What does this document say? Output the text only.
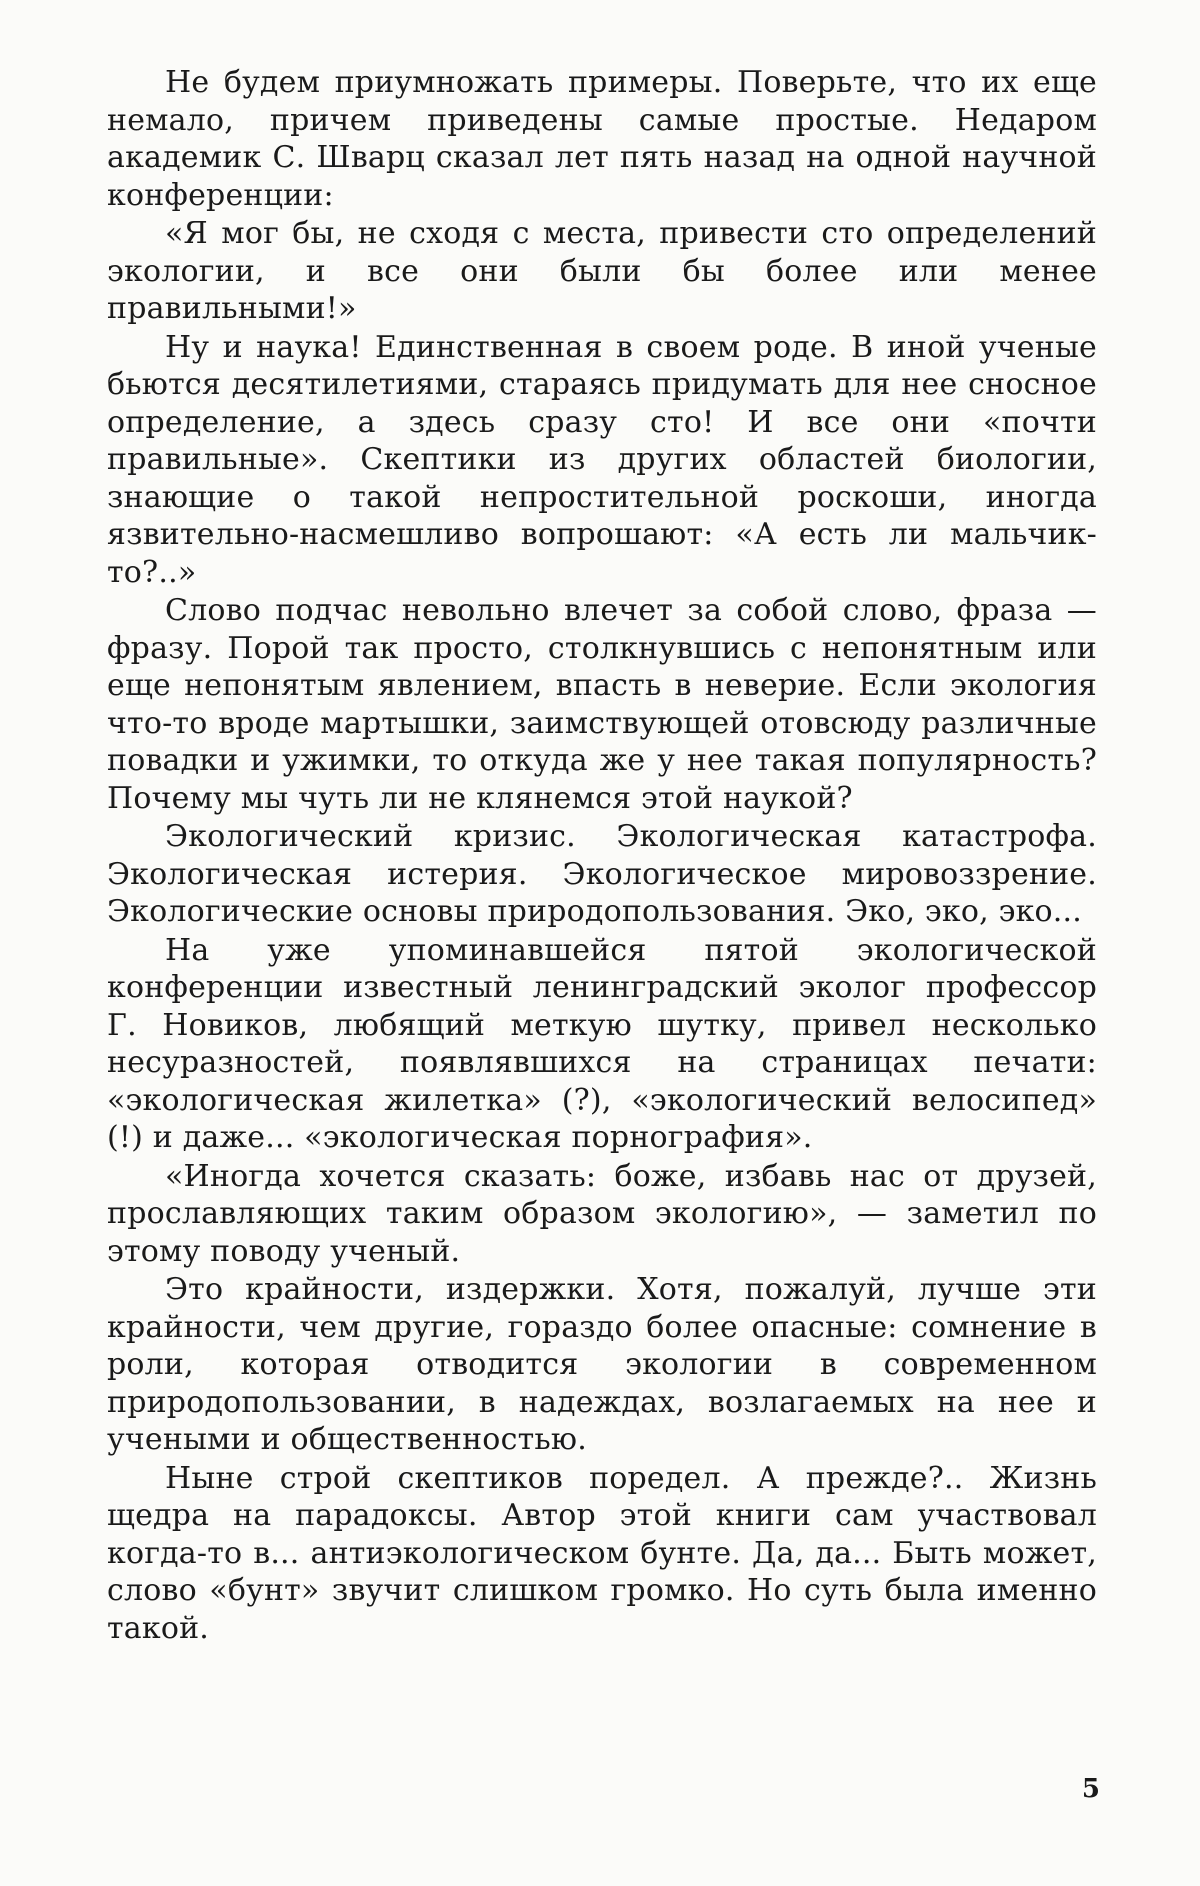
Не будем приумножать примеры. Поверьте, что их еще немало, причем приведены самые простые. Недаром академик С. Шварц сказал лет пять назад на одной научной конференции:

«Я мог бы, не сходя с места, привести сто определений экологии, и все они были бы более или менее правильными!»

Ну и наука! Единственная в своем роде. В иной ученые бьются десятилетиями, стараясь придумать для нее сносное определение, а здесь сразу сто! И все они «почти правильные». Скептики из других областей биологии, знающие о такой непростительной роскоши, иногда язвительно-насмешливо вопрошают: «А есть ли мальчик-то?..»

Слово подчас невольно влечет за собой слово, фраза — фразу. Порой так просто, столкнувшись с непонятным или еще непонятым явлением, впасть в неверие. Если экология что-то вроде мартышки, заимствующей отовсюду различные повадки и ужимки, то откуда же у нее такая популярность? Почему мы чуть ли не клянемся этой наукой?

Экологический кризис. Экологическая катастрофа. Экологическая истерия. Экологическое мировоззрение. Экологические основы природопользования. Эко, эко, эко...

На уже упоминавшейся пятой экологической конференции известный ленинградский эколог профессор Г. Новиков, любящий меткую шутку, привел несколько несуразностей, появлявшихся на страницах печати: «экологическая жилетка» (?), «экологический велосипед» (!) и даже... «экологическая порнография».

«Иногда хочется сказать: боже, избавь нас от друзей, прославляющих таким образом экологию», — заметил по этому поводу ученый.

Это крайности, издержки. Хотя, пожалуй, лучше эти крайности, чем другие, гораздо более опасные: сомнение в роли, которая отводится экологии в современном природопользовании, в надеждах, возлагаемых на нее и учеными и общественностью.

Ныне строй скептиков поредел. А прежде?.. Жизнь щедра на парадоксы. Автор этой книги сам участвовал когда-то в... антиэкологическом бунте. Да, да... Быть может, слово «бунт» звучит слишком громко. Но суть была именно такой.

5
